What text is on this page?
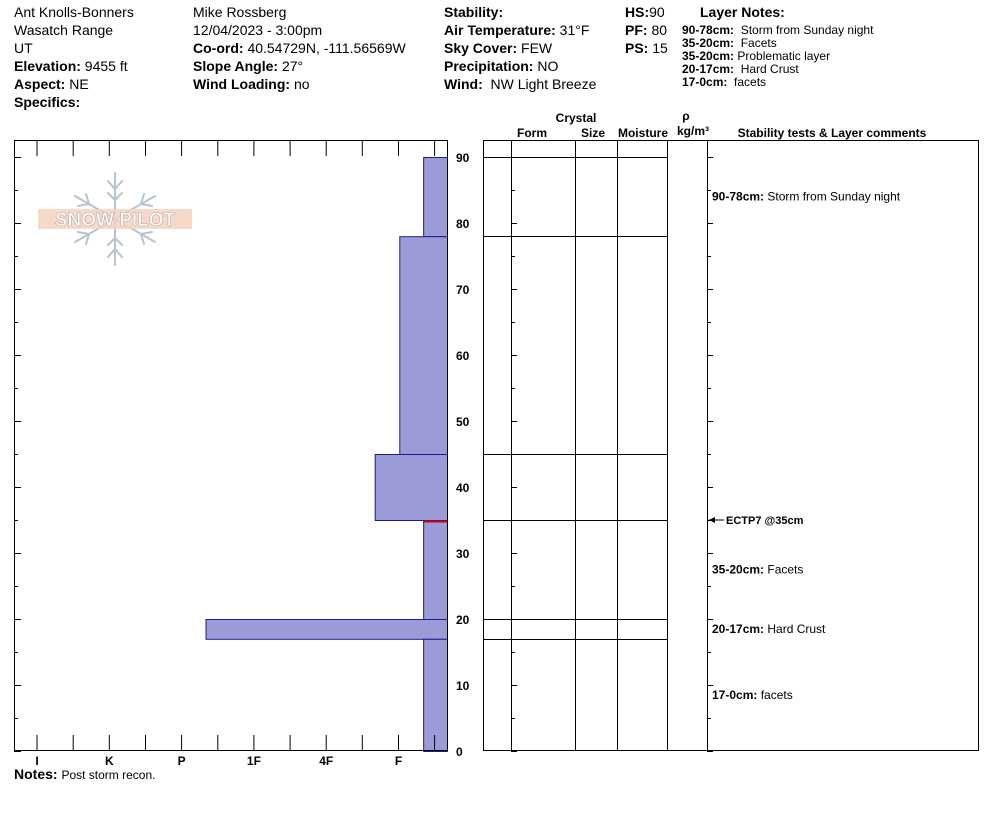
Ant Knolls-Bonners
Wasatch Range
UT
Elevation: 9455 ft
Aspect: NE
Specifics:
Mike Rossberg
12/04/2023 - 3:00pm
Co-ord: 40.54729N, -111.56569W
Slope Angle: 27°
Wind Loading: no
Stability:
Air Temperature: 31°F
Sky Cover: FEW
Precipitation: NO
Wind: NW Light Breeze
HS:90
PF: 80
PS: 15
Layer Notes:
90-78cm: Storm from Sunday night
35-20cm: Facets
35-20cm: Problematic layer
20-17cm: Hard Crust
17-0cm: facets
SNOW PILOT
I	K	P	1F	4F	F
0
10
20
30
40
50
60
70
80
90
Crystal
Form	Size Moisture
ρ
kg/m³ Stability tests & Layer comments
ECTP7 @35cm
90-78cm: Storm from Sunday night
35-20cm: Facets
20-17cm: Hard Crust
17-0cm: facets
Notes: Post storm recon.
